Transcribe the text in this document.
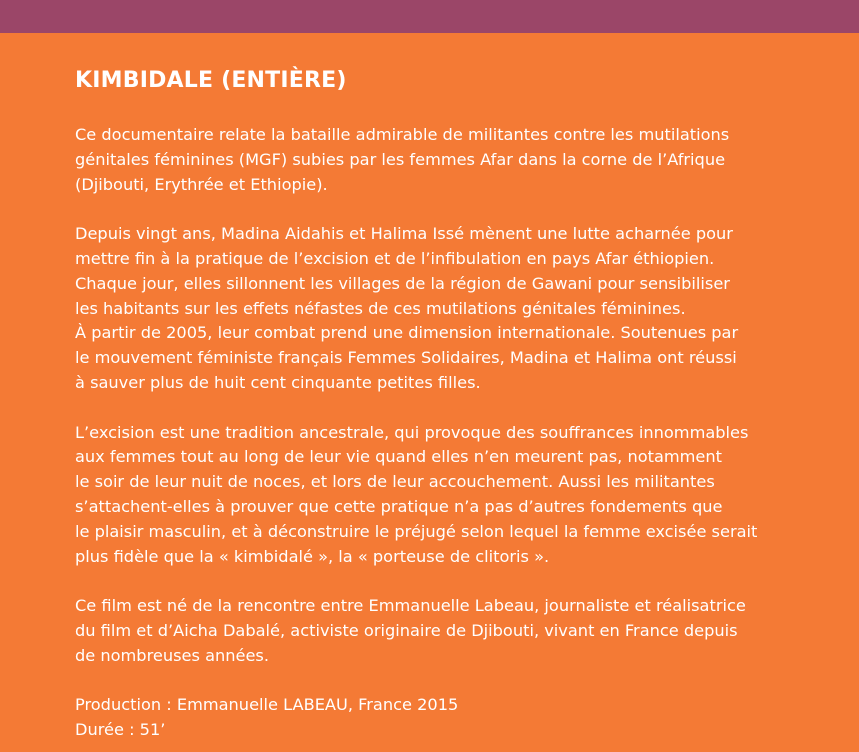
KIMBIDALE (ENTIÈRE)
Ce documentaire relate la bataille admirable de militantes contre les mutilations
génitales féminines (MGF) subies par les femmes Afar dans la corne de l’Afrique
(Djibouti, Erythrée et Ethiopie).
Depuis vingt ans, Madina Aidahis et Halima Issé mènent une lutte acharnée pour
mettre fin à la pratique de l’excision et de l’infibulation en pays Afar éthiopien.
Chaque jour, elles sillonnent les villages de la région de Gawani pour sensibiliser
les habitants sur les effets néfastes de ces mutilations génitales féminines.
À partir de 2005, leur combat prend une dimension internationale. Soutenues par
le mouvement féministe français Femmes Solidaires, Madina et Halima ont réussi
à sauver plus de huit cent cinquante petites filles.
L’excision est une tradition ancestrale, qui provoque des souffrances innommables
aux femmes tout au long de leur vie quand elles n’en meurent pas, notamment
le soir de leur nuit de noces, et lors de leur accouchement. Aussi les militantes
s’attachent-elles à prouver que cette pratique n’a pas d’autres fondements que
le plaisir masculin, et à déconstruire le préjugé selon lequel la femme excisée serait
plus fidèle que la « kimbidalé », la « porteuse de clitoris ».
Ce film est né de la rencontre entre Emmanuelle Labeau, journaliste et réalisatrice
du film et d’Aicha Dabalé, activiste originaire de Djibouti, vivant en France depuis
de nombreuses années.
Production : Emmanuelle LABEAU, France 2015
Durée : 51’
